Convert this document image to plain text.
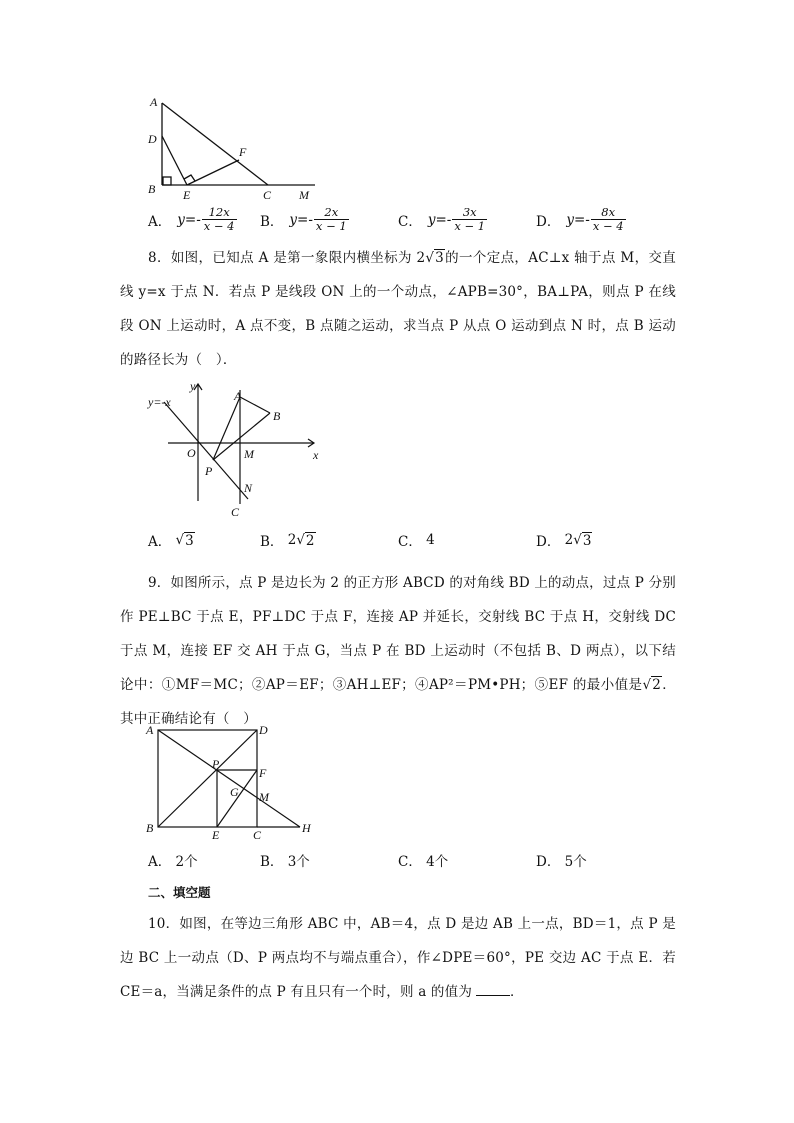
A
D
B E
F
C M
A． $y=- \frac{12x}{x - 4}$ B． $y=- \frac{2x}{x - 1}$	C． $y=- \frac{3x}{x - 1}$	D． $y=- \frac{8x}{x - 4}$
8．如图，已知点 A 是第一象限内横坐标为 2√3的一个定点，AC⊥x 轴于点 M，交直线 y=x 于点 N．若点 P 是线段 ON 上的一个动点，∠APB=30°，BA⊥PA，则点 P 在线段 ON 上运动时，A 点不变，B 点随之运动，求当点 P 从点 O 运动到点 N 时，点 B 运动的路径长为（　）．
y=-x
y
x
A
B
O	M
P
N
C
A．
√ 3	B．
2 √ 2	C．
4	D．
2 √ 3
9．如图所示，点 P 是边长为 2 的正方形 ABCD 的对角线 BD 上的动点，过点 P 分别作 PE⊥BC 于点 E，PF⊥DC 于点 F，连接 AP 并延长，交射线 BC 于点 H，交射线 DC 于点 M，连接 EF 交 AH 于点 G，当点 P 在 BD 上运动时（不包括 B、D 两点），以下结论中：①MF＝MC；②AP＝EF；③AH⊥EF；④AP²＝PM•PH；⑤EF 的最小值是√2．其中正确结论有（　）
A	D
P
F
G M
B	E	C	H
A．
2个	B．
3个	C．
4个	D．
5个
二、填空题
10．如图，在等边三角形 ABC 中，AB＝4，点 D 是边 AB 上一点，BD＝1，点 P 是边 BC 上一动点（D、P 两点均不与端点重合），作∠DPE＝60°，PE 交边 AC 于点 E．若 CE＝a，当满足条件的点 P 有且只有一个时，则 a 的值为	．
